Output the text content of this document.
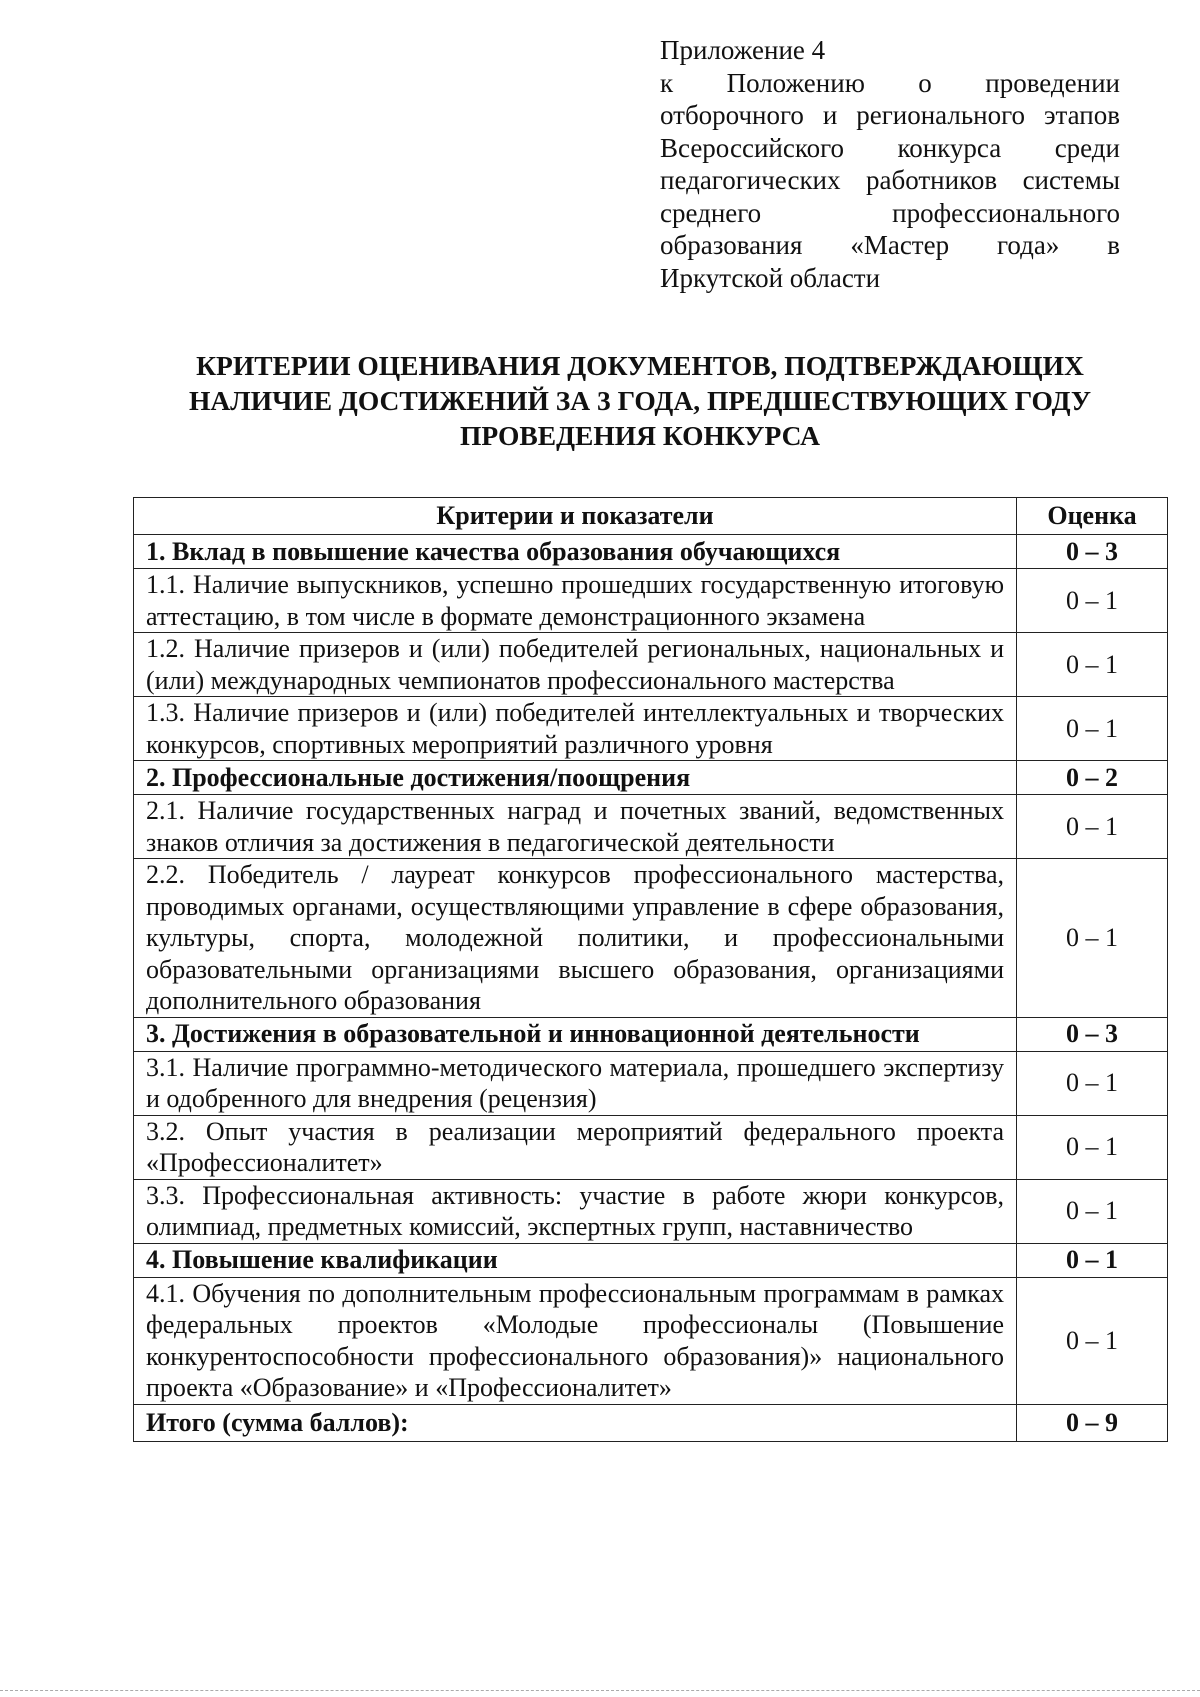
Приложение 4
к Положению о проведении
отборочного и регионального этапов
Всероссийского конкурса среди
педагогических работников системы
среднего профессионального
образования «Мастер года» в
Иркутской области
КРИТЕРИИ ОЦЕНИВАНИЯ ДОКУМЕНТОВ, ПОДТВЕРЖДАЮЩИХ
НАЛИЧИЕ ДОСТИЖЕНИЙ ЗА 3 ГОДА, ПРЕДШЕСТВУЮЩИХ ГОДУ
ПРОВЕДЕНИЯ КОНКУРСА
Критерии и показатели	Оценка
1. Вклад в повышение качества образования обучающихся	0 – 3
1.1. Наличие выпускников, успешно прошедших государственную итоговую аттестацию, в том числе в формате демонстрационного экзамена	0 – 1
1.2. Наличие призеров и (или) победителей региональных, национальных и (или) международных чемпионатов профессионального мастерства	0 – 1
1.3. Наличие призеров и (или) победителей интеллектуальных и творческих конкурсов, спортивных мероприятий различного уровня	0 – 1
2. Профессиональные достижения/поощрения	0 – 2
2.1. Наличие государственных наград и почетных званий, ведомственных знаков отличия за достижения в педагогической деятельности	0 – 1
2.2. Победитель / лауреат конкурсов профессионального мастерства, проводимых органами, осуществляющими управление в сфере образования, культуры, спорта, молодежной политики, и профессиональными образовательными организациями высшего образования, организациями дополнительного образования	0 – 1
3. Достижения в образовательной и инновационной деятельности	0 – 3
3.1. Наличие программно-методического материала, прошедшего экспертизу и одобренного для внедрения (рецензия)	0 – 1
3.2. Опыт участия в реализации мероприятий федерального проекта «Профессионалитет»	0 – 1
3.3. Профессиональная активность: участие в работе жюри конкурсов, олимпиад, предметных комиссий, экспертных групп, наставничество	0 – 1
4. Повышение квалификации	0 – 1
4.1. Обучения по дополнительным профессиональным программам в рамках федеральных проектов «Молодые профессионалы (Повышение конкурентоспособности профессионального образования)» национального проекта «Образование» и «Профессионалитет»	0 – 1
Итого (сумма баллов):	0 – 9
